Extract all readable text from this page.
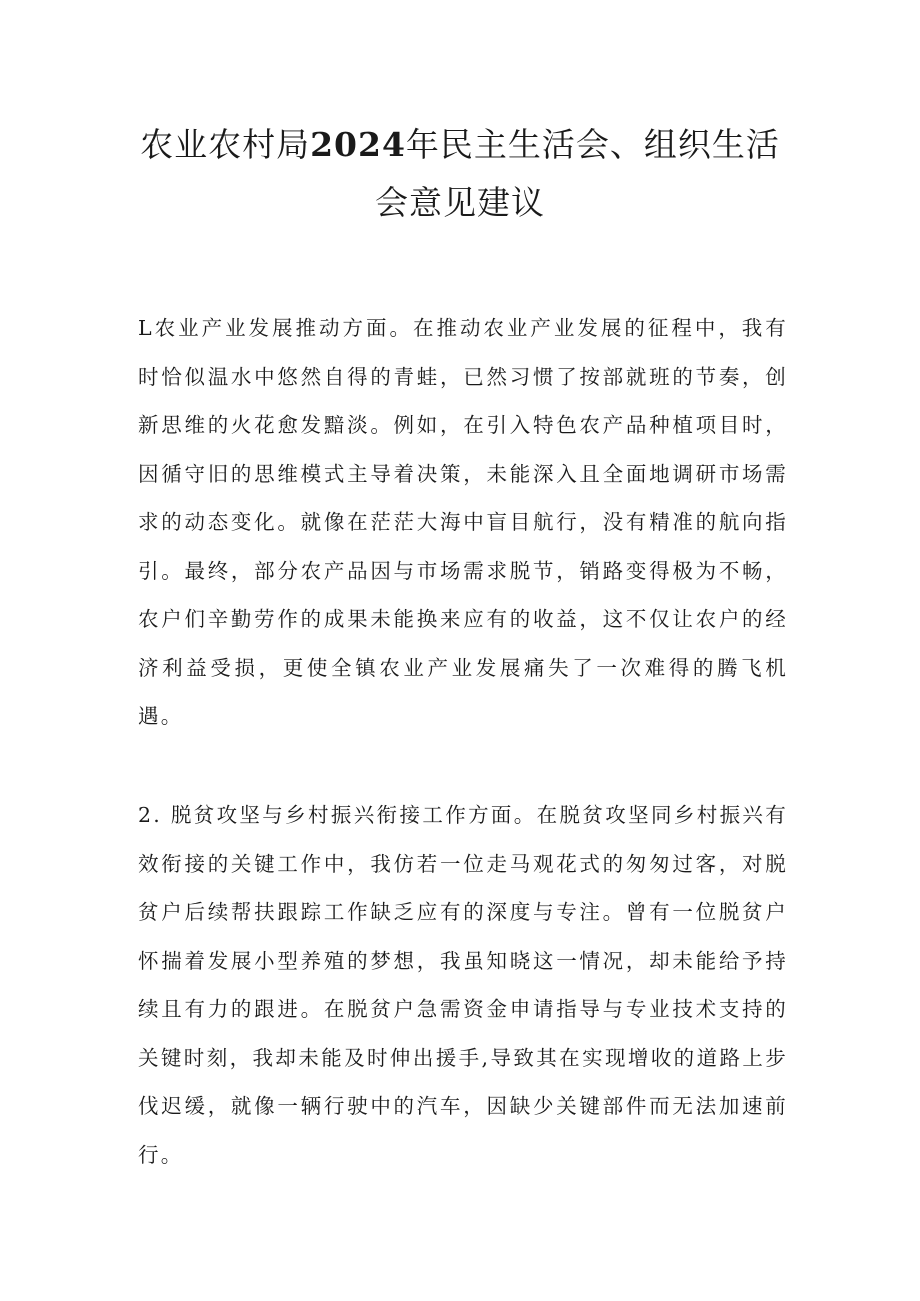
农业农村局2024年民主生活会、组织生活
会意见建议

L农业产业发展推动方面。在推动农业产业发展的征程中，我有时恰似温水中悠然自得的青蛙，已然习惯了按部就班的节奏，创新思维的火花愈发黯淡。例如，在引入特色农产品种植项目时，因循守旧的思维模式主导着决策，未能深入且全面地调研市场需求的动态变化。就像在茫茫大海中盲目航行，没有精准的航向指引。最终，部分农产品因与市场需求脱节，销路变得极为不畅，农户们辛勤劳作的成果未能换来应有的收益，这不仅让农户的经济利益受损，更使全镇农业产业发展痛失了一次难得的腾飞机遇。

2. 脱贫攻坚与乡村振兴衔接工作方面。在脱贫攻坚同乡村振兴有效衔接的关键工作中，我仿若一位走马观花式的匆匆过客，对脱贫户后续帮扶跟踪工作缺乏应有的深度与专注。曾有一位脱贫户怀揣着发展小型养殖的梦想，我虽知晓这一情况，却未能给予持续且有力的跟进。在脱贫户急需资金申请指导与专业技术支持的关键时刻，我却未能及时伸出援手,导致其在实现增收的道路上步伐迟缓，就像一辆行驶中的汽车，因缺少关键部件而无法加速前行。
